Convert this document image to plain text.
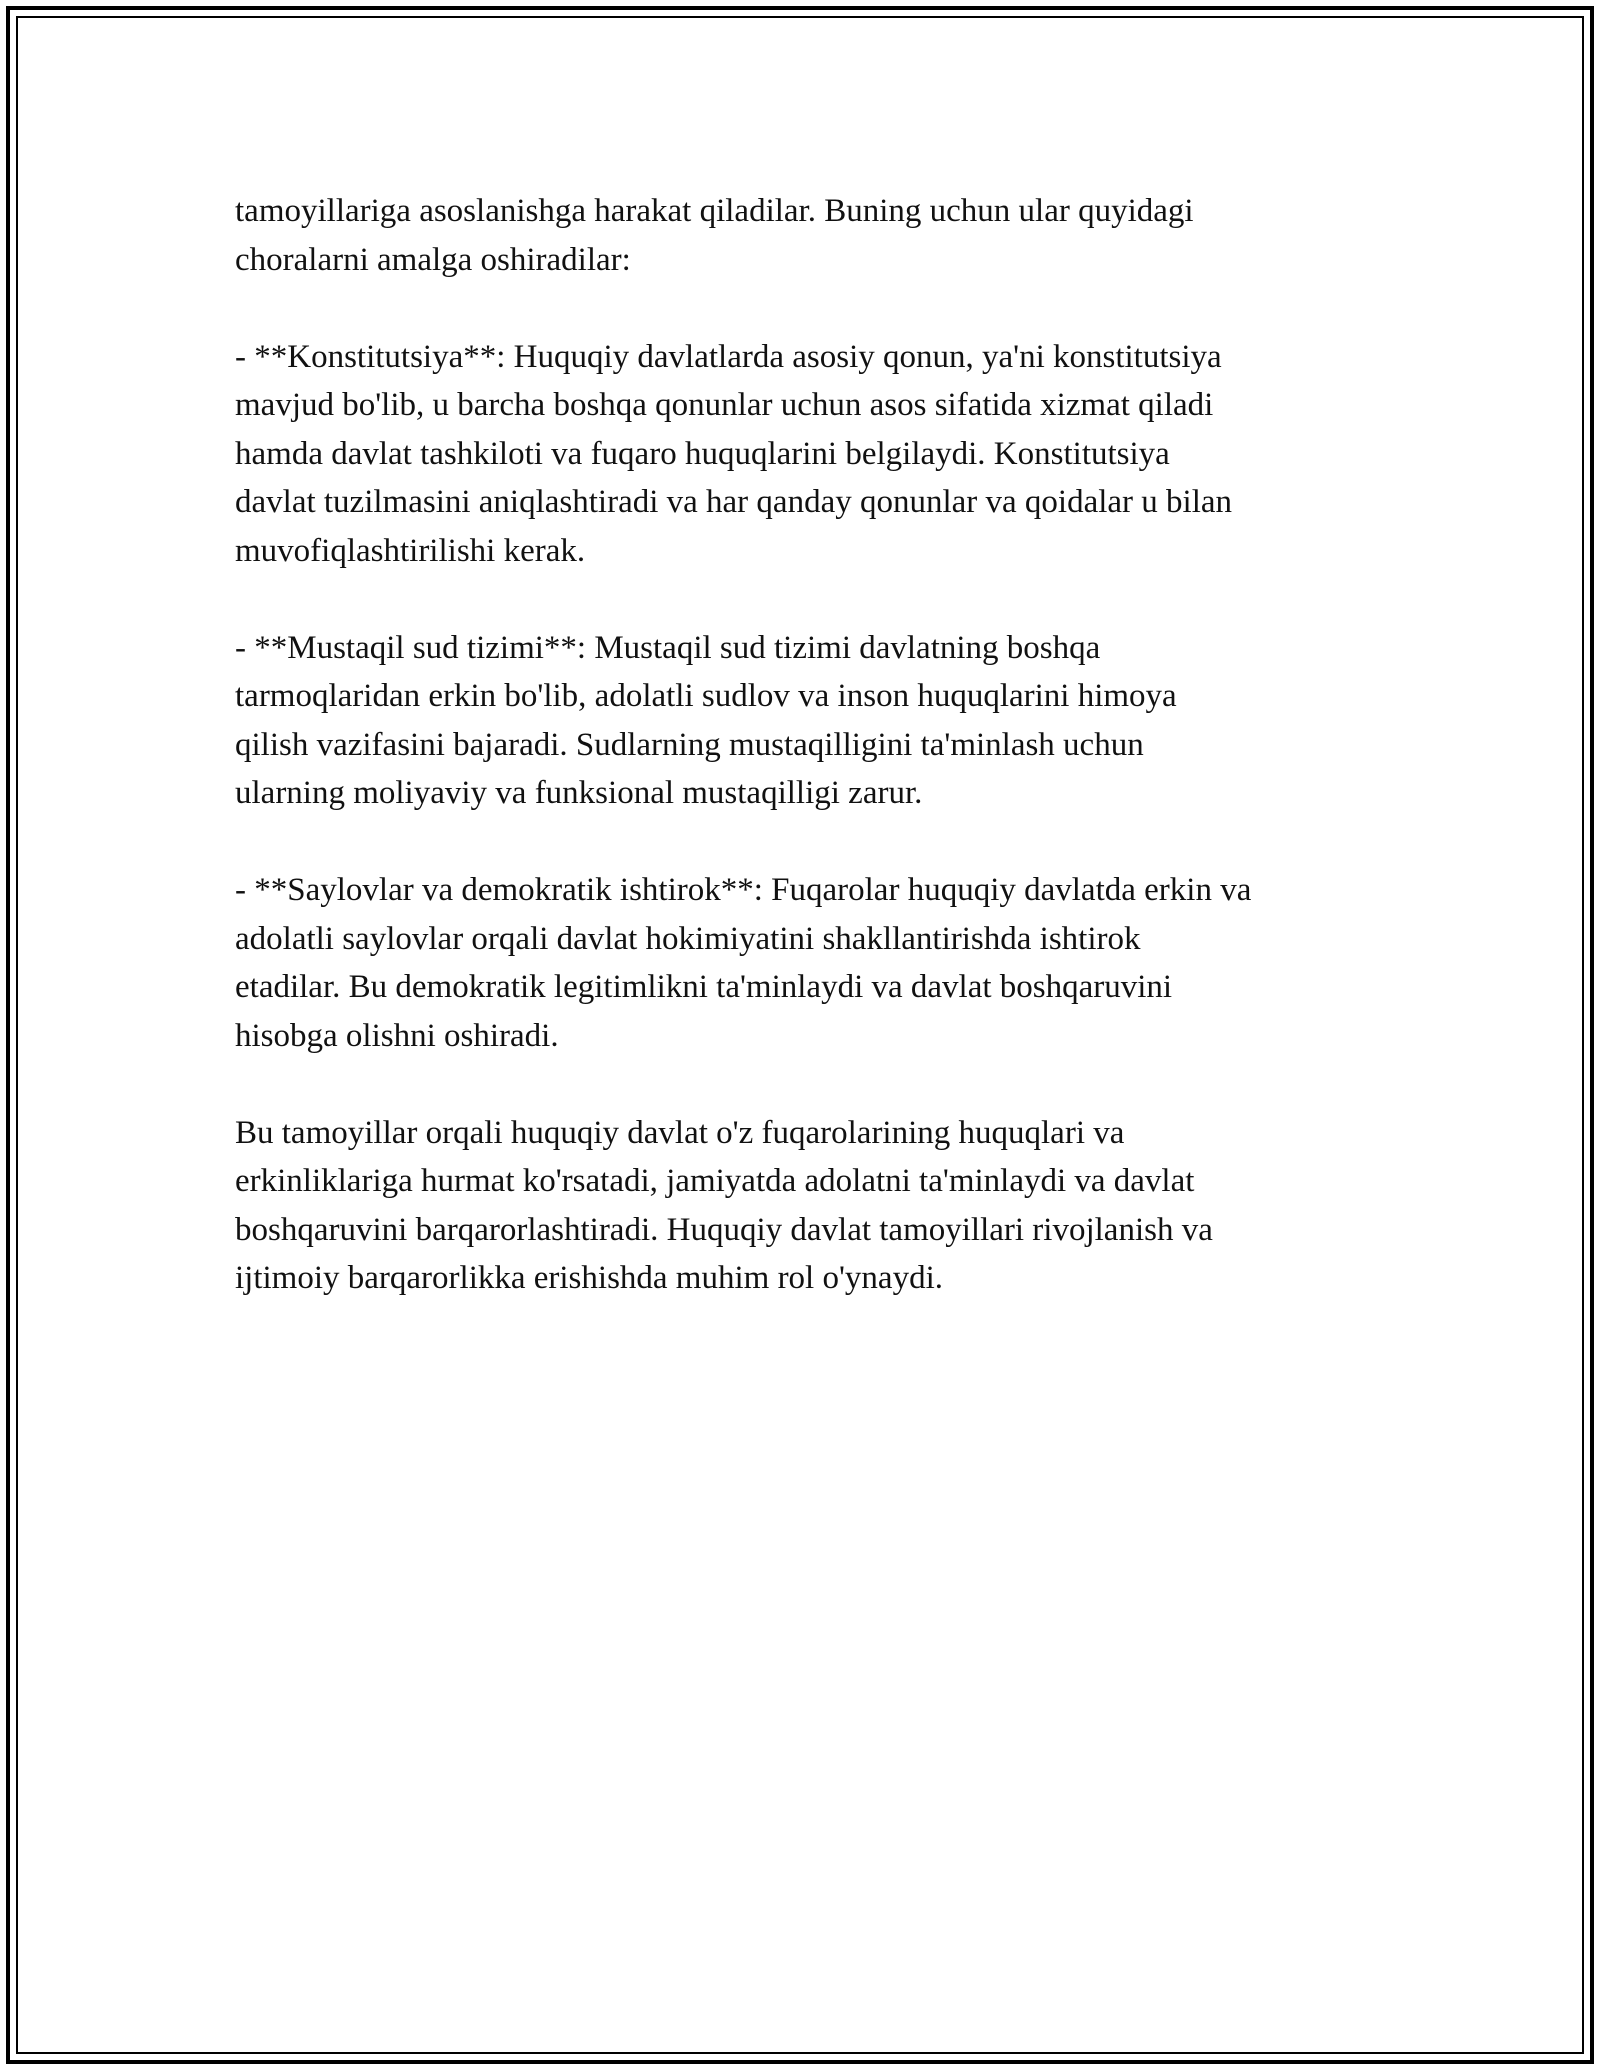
tamoyillariga asoslanishga harakat qiladilar. Buning uchun ular quyidagi
choralarni amalga oshiradilar:

- **Konstitutsiya**: Huquqiy davlatlarda asosiy qonun, ya'ni konstitutsiya
mavjud bo'lib, u barcha boshqa qonunlar uchun asos sifatida xizmat qiladi
hamda davlat tashkiloti va fuqaro huquqlarini belgilaydi. Konstitutsiya
davlat tuzilmasini aniqlashtiradi va har qanday qonunlar va qoidalar u bilan
muvofiqlashtirilishi kerak.

- **Mustaqil sud tizimi**: Mustaqil sud tizimi davlatning boshqa
tarmoqlaridan erkin bo'lib, adolatli sudlov va inson huquqlarini himoya
qilish vazifasini bajaradi. Sudlarning mustaqilligini ta'minlash uchun
ularning moliyaviy va funksional mustaqilligi zarur.

- **Saylovlar va demokratik ishtirok**: Fuqarolar huquqiy davlatda erkin va
adolatli saylovlar orqali davlat hokimiyatini shakllantirishda ishtirok
etadilar. Bu demokratik legitimlikni ta'minlaydi va davlat boshqaruvini
hisobga olishni oshiradi.

Bu tamoyillar orqali huquqiy davlat o'z fuqarolarining huquqlari va
erkinliklariga hurmat ko'rsatadi, jamiyatda adolatni ta'minlaydi va davlat
boshqaruvini barqarorlashtiradi. Huquqiy davlat tamoyillari rivojlanish va
ijtimoiy barqarorlikka erishishda muhim rol o'ynaydi.
